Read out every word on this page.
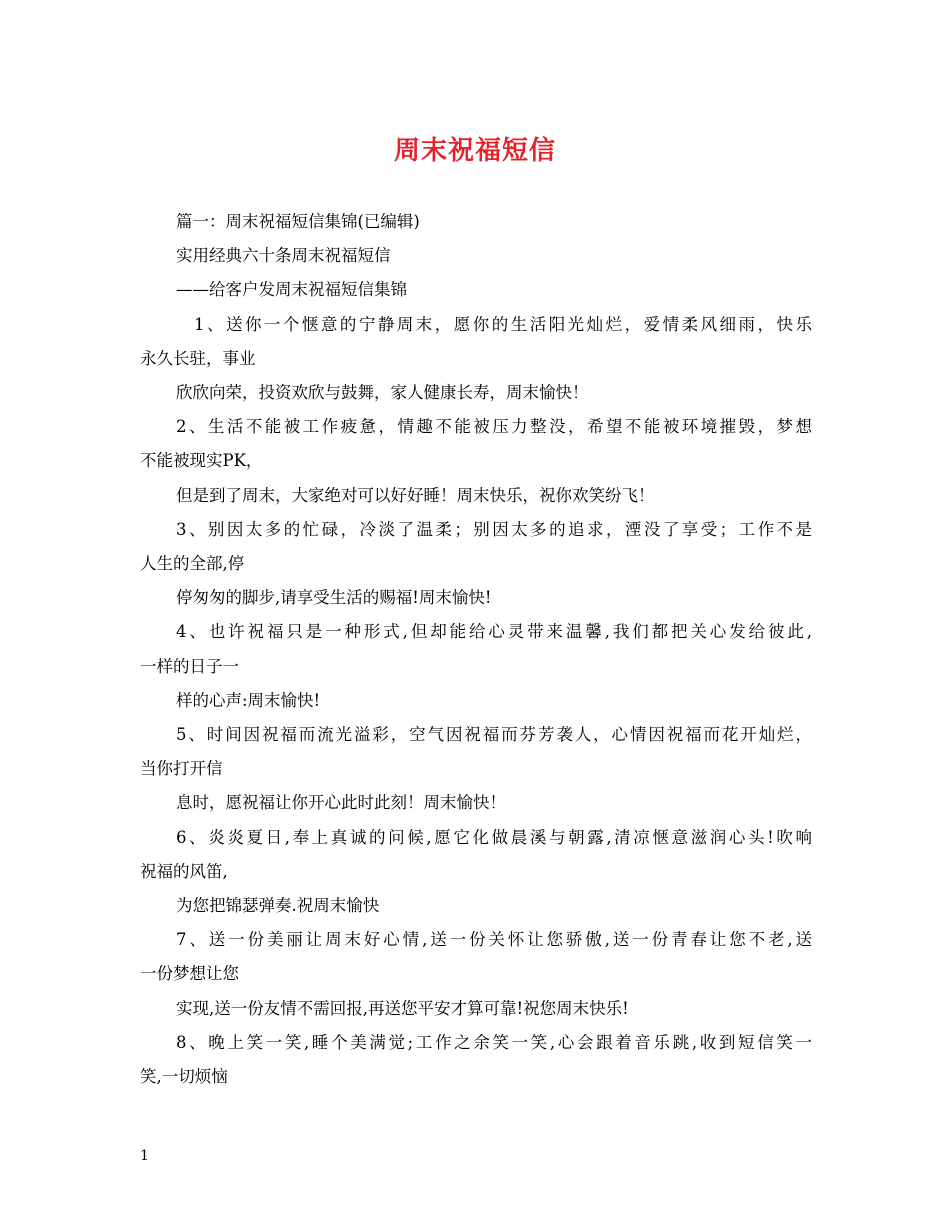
周末祝福短信

篇一：周末祝福短信集锦(已编辑)

实用经典六十条周末祝福短信

——给客户发周末祝福短信集锦

1、送你一个惬意的宁静周末，愿你的生活阳光灿烂，爱情柔风细雨，快乐

永久长驻，事业

欣欣向荣，投资欢欣与鼓舞，家人健康长寿，周末愉快！

2、生活不能被工作疲惫，情趣不能被压力整没，希望不能被环境摧毁，梦想

不能被现实PK，

但是到了周末，大家绝对可以好好睡！周末快乐，祝你欢笑纷飞！

3、别因太多的忙碌，冷淡了温柔；别因太多的追求，湮没了享受；工作不是

人生的全部,停

停匆匆的脚步,请享受生活的赐福!周末愉快!

4、也许祝福只是一种形式,但却能给心灵带来温馨,我们都把关心发给彼此,

一样的日子一

样的心声:周末愉快!

5、时间因祝福而流光溢彩，空气因祝福而芬芳袭人，心情因祝福而花开灿烂，

当你打开信

息时，愿祝福让你开心此时此刻！周末愉快！

6、炎炎夏日,奉上真诚的问候,愿它化做晨溪与朝露,清凉惬意滋润心头!吹响

祝福的风笛,

为您把锦瑟弹奏.祝周末愉快

7、送一份美丽让周末好心情,送一份关怀让您骄傲,送一份青春让您不老,送

一份梦想让您

实现,送一份友情不需回报,再送您平安才算可靠!祝您周末快乐!

8、晚上笑一笑,睡个美满觉;工作之余笑一笑,心会跟着音乐跳,收到短信笑一

笑,一切烦恼

1
